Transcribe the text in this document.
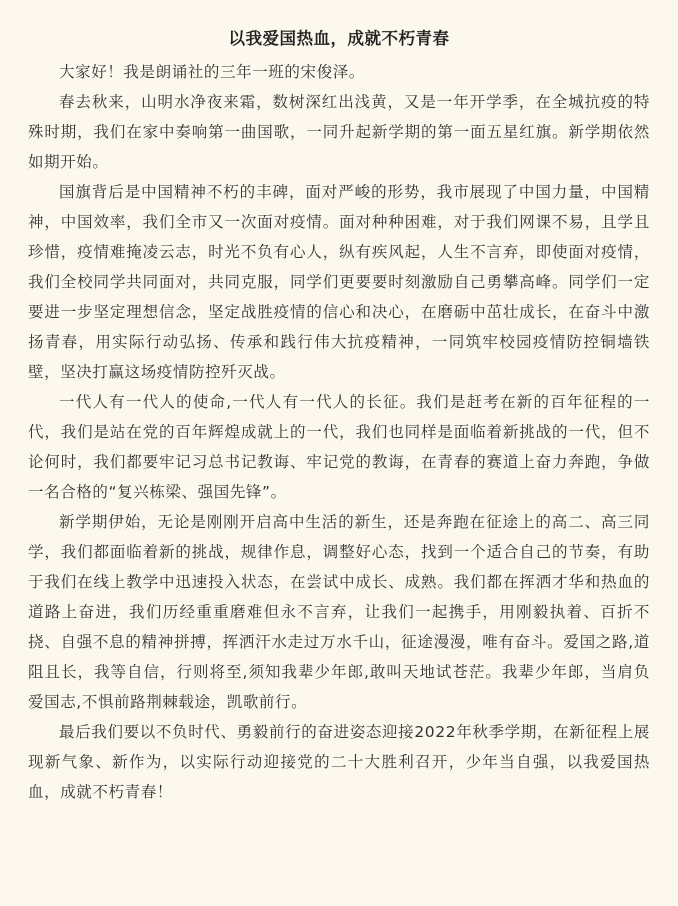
以我爱国热血，成就不朽青春

大家好！我是朗诵社的三年一班的宋俊泽。

春去秋来，山明水净夜来霜，数树深红出浅黄，又是一年开学季，在全城抗疫的特殊时期，我们在家中奏响第一曲国歌，一同升起新学期的第一面五星红旗。新学期依然如期开始。

国旗背后是中国精神不朽的丰碑，面对严峻的形势，我市展现了中国力量，中国精神，中国效率，我们全市又一次面对疫情。面对种种困难，对于我们网课不易，且学且珍惜，疫情难掩凌云志，时光不负有心人，纵有疾风起，人生不言弃，即使面对疫情，我们全校同学共同面对，共同克服，同学们更要要时刻激励自己勇攀高峰。同学们一定要进一步坚定理想信念，坚定战胜疫情的信心和决心，在磨砺中茁壮成长，在奋斗中激扬青春，用实际行动弘扬、传承和践行伟大抗疫精神，一同筑牢校园疫情防控铜墙铁壁，坚决打赢这场疫情防控歼灭战。

一代人有一代人的使命,一代人有一代人的长征。我们是赶考在新的百年征程的一代，我们是站在党的百年辉煌成就上的一代，我们也同样是面临着新挑战的一代，但不论何时，我们都要牢记习总书记教诲、牢记党的教诲，在青春的赛道上奋力奔跑，争做一名合格的“复兴栋梁、强国先锋”。

新学期伊始，无论是刚刚开启高中生活的新生，还是奔跑在征途上的高二、高三同学，我们都面临着新的挑战，规律作息，调整好心态，找到一个适合自己的节奏，有助于我们在线上教学中迅速投入状态，在尝试中成长、成熟。我们都在挥洒才华和热血的道路上奋进，我们历经重重磨难但永不言弃，让我们一起携手，用刚毅执着、百折不挠、自强不息的精神拼搏，挥洒汗水走过万水千山，征途漫漫，唯有奋斗。爱国之路,道阻且长，我等自信，行则将至,须知我辈少年郎,敢叫天地试苍茫。我辈少年郎，当肩负爱国志,不惧前路荆棘载途，凯歌前行。

最后我们要以不负时代、勇毅前行的奋进姿态迎接2022年秋季学期，在新征程上展现新气象、新作为，以实际行动迎接党的二十大胜利召开，少年当自强，以我爱国热血，成就不朽青春！
